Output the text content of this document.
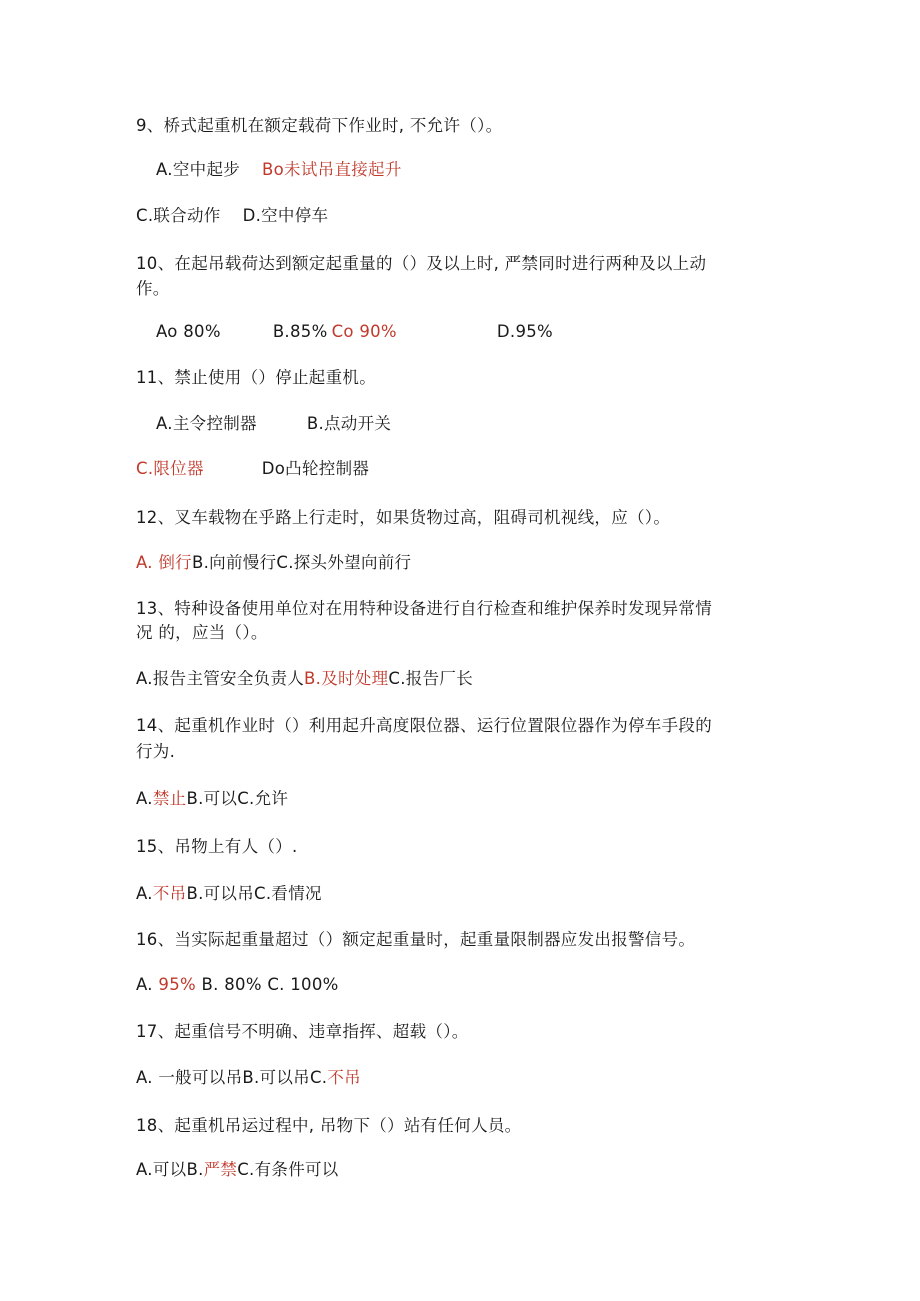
9、桥式起重机在额定载荷下作业时, 不允许（）。
A.空中起步 Bo未试吊直接起升
C.联合动作 D.空中停车
10、在起吊载荷达到额定起重量的（）及以上时, 严禁同时进行两种及以上动
作。
Ao 80%	B.85% Co 90%	D.95%
11、禁止使用（）停止起重机。
A.主令控制器	B.点动开关
C.限位器	Do凸轮控制器
12、叉车载物在乎路上行走时，如果货物过高，阻碍司机视线，应（）。
A. 倒行B.向前慢行C.探头外望向前行
13、特种设备使用单位对在用特种设备进行自行检查和维护保养时发现异常情
况 的，应当（）。
A.报告主管安全负责人B.及时处理C.报告厂长
14、起重机作业时（）利用起升高度限位器、运行位置限位器作为停车手段的
行为.
A.禁止B.可以C.允许
15、吊物上有人（）.
A.不吊B.可以吊C.看情况
16、当实际起重量超过（）额定起重量时，起重量限制器应发出报警信号。
A. 95% B. 80% C. 100%
17、起重信号不明确、违章指挥、超载（）。
A. 一般可以吊B.可以吊C.不吊
18、起重机吊运过程中, 吊物下（）站有任何人员。
A.可以B.严禁C.有条件可以
